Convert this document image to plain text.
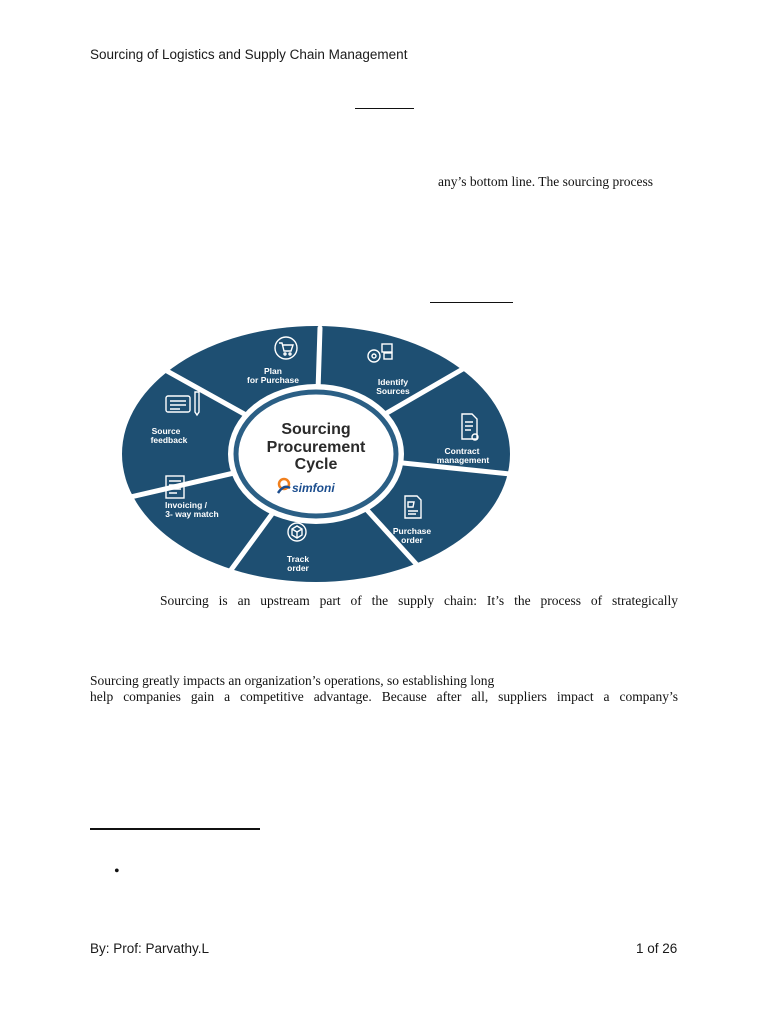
Sourcing of Logistics and Supply Chain Management
any’s bottom line. The sourcing process
Sourcing
Procurement
Cycle
simfoni
Plan
for Purchase	Identify
Sources
Contract
management
Purchase
order
Track
order
Invoicing /
3- way match
Source
feedback
Sourcing is an upstream part of the supply chain: It’s the process of strategically
Sourcing greatly impacts an organization’s operations, so establishing long
help companies gain a competitive advantage. Because after all, suppliers impact a company’s
•
By: Prof: Parvathy.L	1 of 26
